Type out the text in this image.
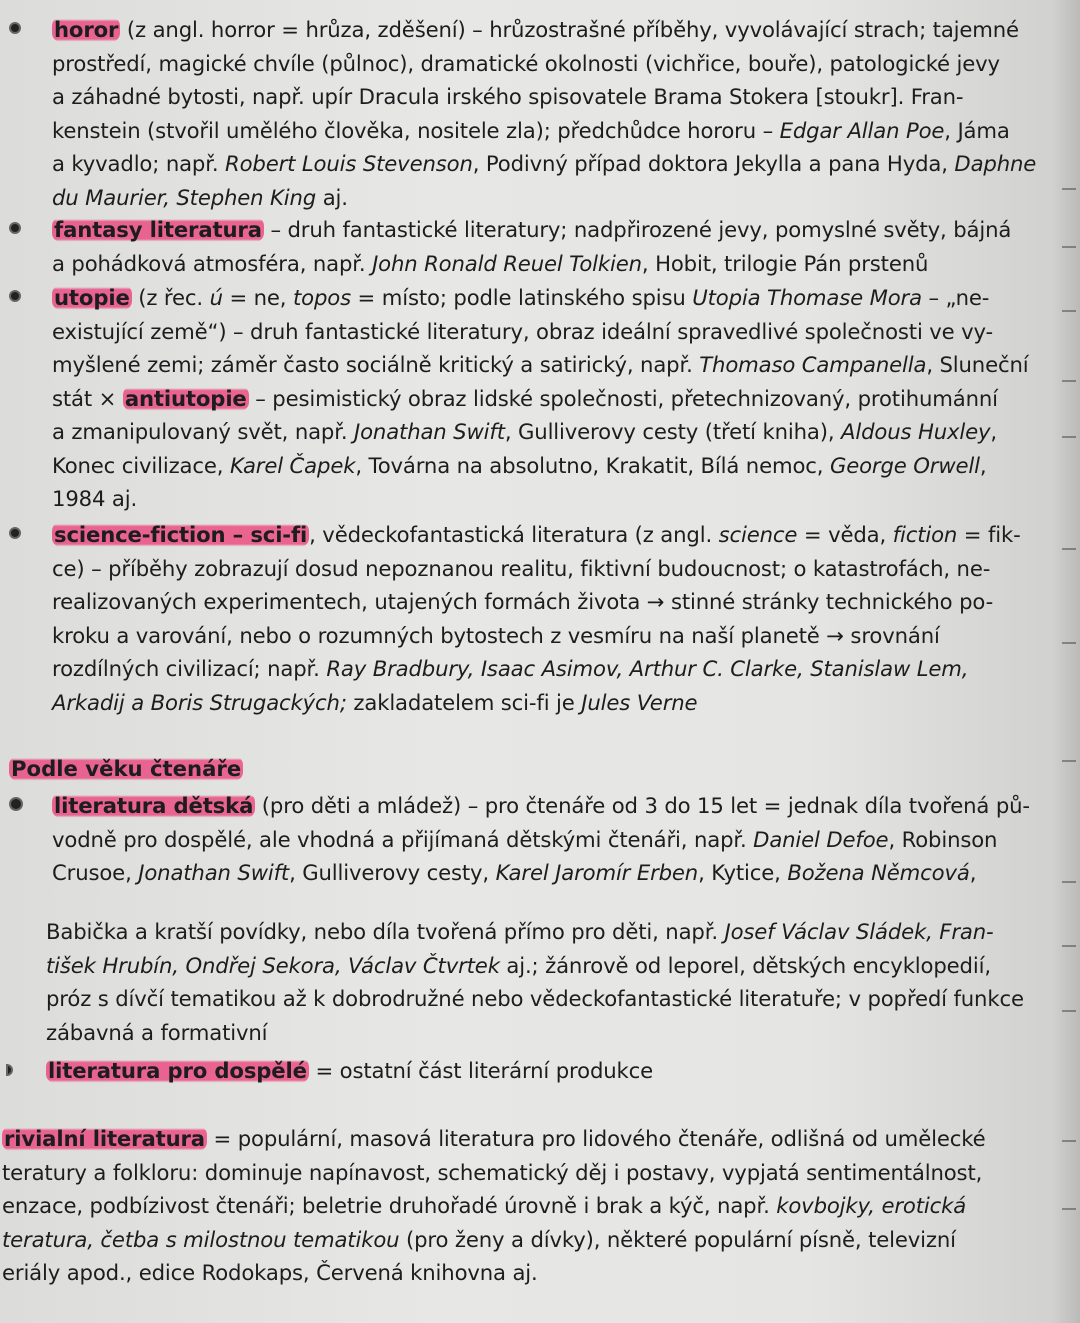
horor (z angl. horror = hrůza, zděšení) – hrůzostrašné příběhy, vyvolávající strach; tajemné
prostředí, magické chvíle (půlnoc), dramatické okolnosti (vichřice, bouře), patologické jevy
a záhadné bytosti, např. upír Dracula irského spisovatele Brama Stokera [stoukr]. Fran-
kenstein (stvořil umělého člověka, nositele zla); předchůdce hororu – Edgar Allan Poe, Jáma
a kyvadlo; např. Robert Louis Stevenson, Podivný případ doktora Jekylla a pana Hyda, Daphne
du Maurier, Stephen King aj.
fantasy literatura – druh fantastické literatury; nadpřirozené jevy, pomyslné světy, bájná
a pohádková atmosféra, např. John Ronald Reuel Tolkien, Hobit, trilogie Pán prstenů
utopie (z řec. ú = ne, topos = místo; podle latinského spisu Utopia Thomase Mora – „ne-
existující země“) – druh fantastické literatury, obraz ideální spravedlivé společnosti ve vy-
myšlené zemi; záměr často sociálně kritický a satirický, např. Thomaso Campanella, Sluneční
stát × antiutopie – pesimistický obraz lidské společnosti, přetechnizovaný, protihumánní
a zmanipulovaný svět, např. Jonathan Swift, Gulliverovy cesty (třetí kniha), Aldous Huxley,
Konec civilizace, Karel Čapek, Továrna na absolutno, Krakatit, Bílá nemoc, George Orwell,
1984 aj.
science-fiction – sci-fi, vědeckofantastická literatura (z angl. science = věda, fiction = fik-
ce) – příběhy zobrazují dosud nepoznanou realitu, fiktivní budoucnost; o katastrofách, ne-
realizovaných experimentech, utajených formách života → stinné stránky technického po-
kroku a varování, nebo o rozumných bytostech z vesmíru na naší planetě → srovnání
rozdílných civilizací; např. Ray Bradbury, Isaac Asimov, Arthur C. Clarke, Stanislaw Lem,
Arkadij a Boris Strugackých; zakladatelem sci-fi je Jules Verne
Podle věku čtenáře
literatura dětská (pro děti a mládež) – pro čtenáře od 3 do 15 let = jednak díla tvořená pů-
vodně pro dospělé, ale vhodná a přijímaná dětskými čtenáři, např. Daniel Defoe, Robinson
Crusoe, Jonathan Swift, Gulliverovy cesty, Karel Jaromír Erben, Kytice, Božena Němcová,
Babička a kratší povídky, nebo díla tvořená přímo pro děti, např. Josef Václav Sládek, Fran-
tišek Hrubín, Ondřej Sekora, Václav Čtvrtek aj.; žánrově od leporel, dětských encyklopedií,
próz s dívčí tematikou až k dobrodružné nebo vědeckofantastické literatuře; v popředí funkce
zábavná a formativní
literatura pro dospělé = ostatní část literární produkce
rivialní literatura = populární, masová literatura pro lidového čtenáře, odlišná od umělecké
teratury a folkloru: dominuje napínavost, schematický děj i postavy, vypjatá sentimentálnost,
enzace, podbízivost čtenáři; beletrie druhořadé úrovně i brak a kýč, např. kovbojky, erotická
teratura, četba s milostnou tematikou (pro ženy a dívky), některé populární písně, televizní
eriály apod., edice Rodokaps, Červená knihovna aj.
